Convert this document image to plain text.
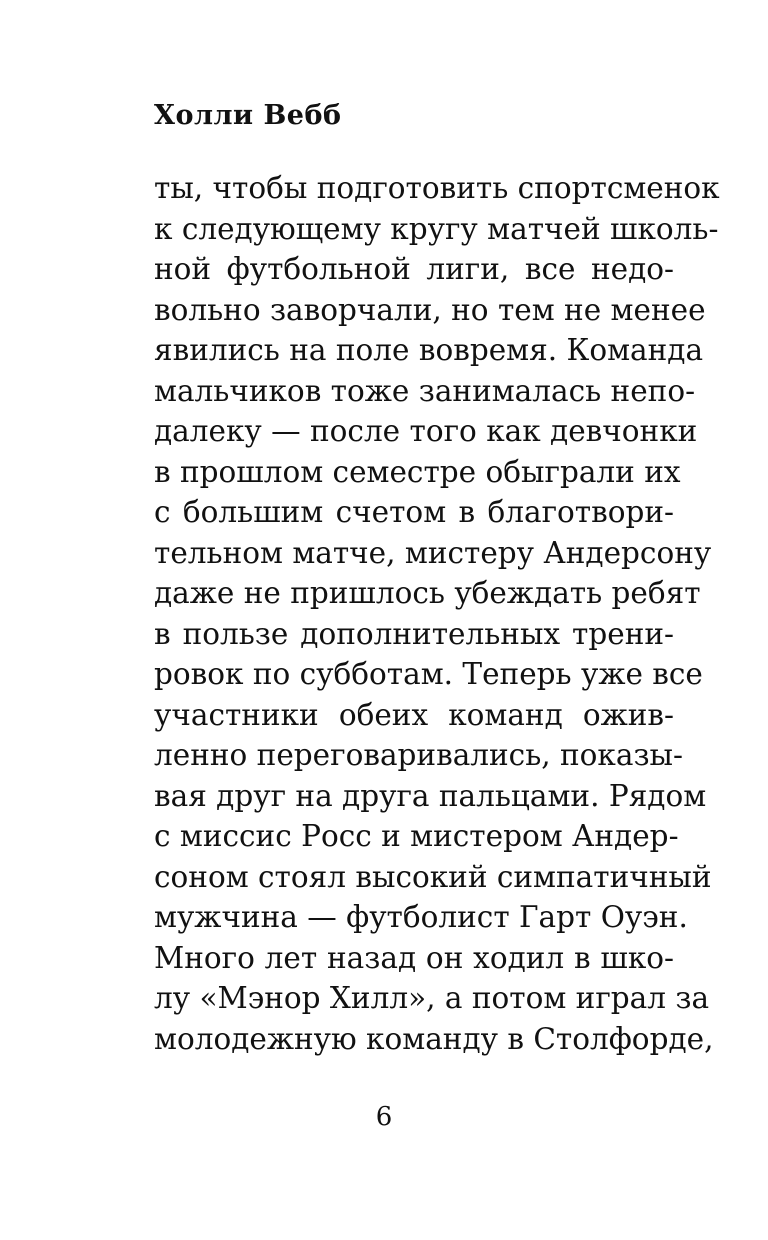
Холли Вебб
ты, чтобы подготовить спортсменок
к следующему кругу матчей школь-
ной футбольной лиги, все недо-
вольно заворчали, но тем не менее
явились на поле вовремя. Команда
мальчиков тоже занималась непо-
далеку — после того как девчонки
в прошлом семестре обыграли их
с большим счетом в благотвори-
тельном матче, мистеру Андерсону
даже не пришлось убеждать ребят
в пользе дополнительных трени-
ровок по субботам. Теперь уже все
участники обеих команд ожив-
ленно переговаривались, показы-
вая друг на друга пальцами. Рядом
с миссис Росс и мистером Андер-
соном стоял высокий симпатичный
мужчина — футболист Гарт Оуэн.
Много лет назад он ходил в шко-
лу «Мэнор Хилл», а потом играл за
молодежную команду в Столфорде,
6
